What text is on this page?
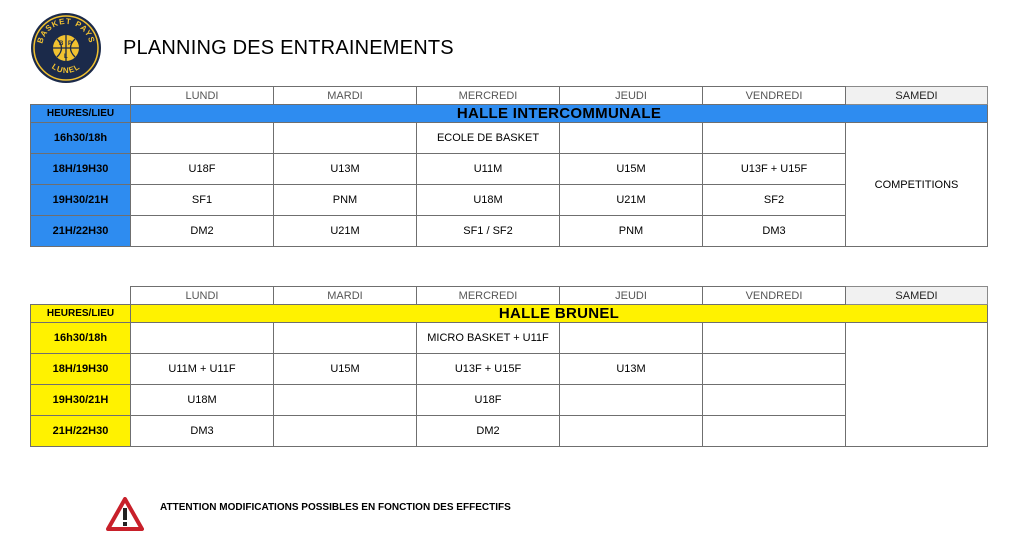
BASKET PAYS
LUNEL
B P
L	PLANNING DES ENTRAINEMENTS
	LUNDI	MARDI	MERCREDI	JEUDI	VENDREDI	SAMEDI
HEURES/LIEU	HALLE INTERCOMMUNALE					
16h30/18h			ECOLE DE BASKET			COMPETITIONS
18H/19H30	U18F	U13M	U11M	U15M	U13F + U15F	
19H30/21H	SF1	PNM	U18M	U21M	SF2	
21H/22H30	DM2	U21M	SF1 / SF2	PNM	DM3	
	LUNDI	MARDI	MERCREDI	JEUDI	VENDREDI	SAMEDI
HEURES/LIEU	HALLE BRUNEL					
16h30/18h			MICRO BASKET + U11F			
18H/19H30	U11M + U11F	U15M	U13F + U15F	U13M		
19H30/21H	U18M		U18F			
21H/22H30	DM3		DM2			
ATTENTION MODIFICATIONS POSSIBLES EN FONCTION DES EFFECTIFS
